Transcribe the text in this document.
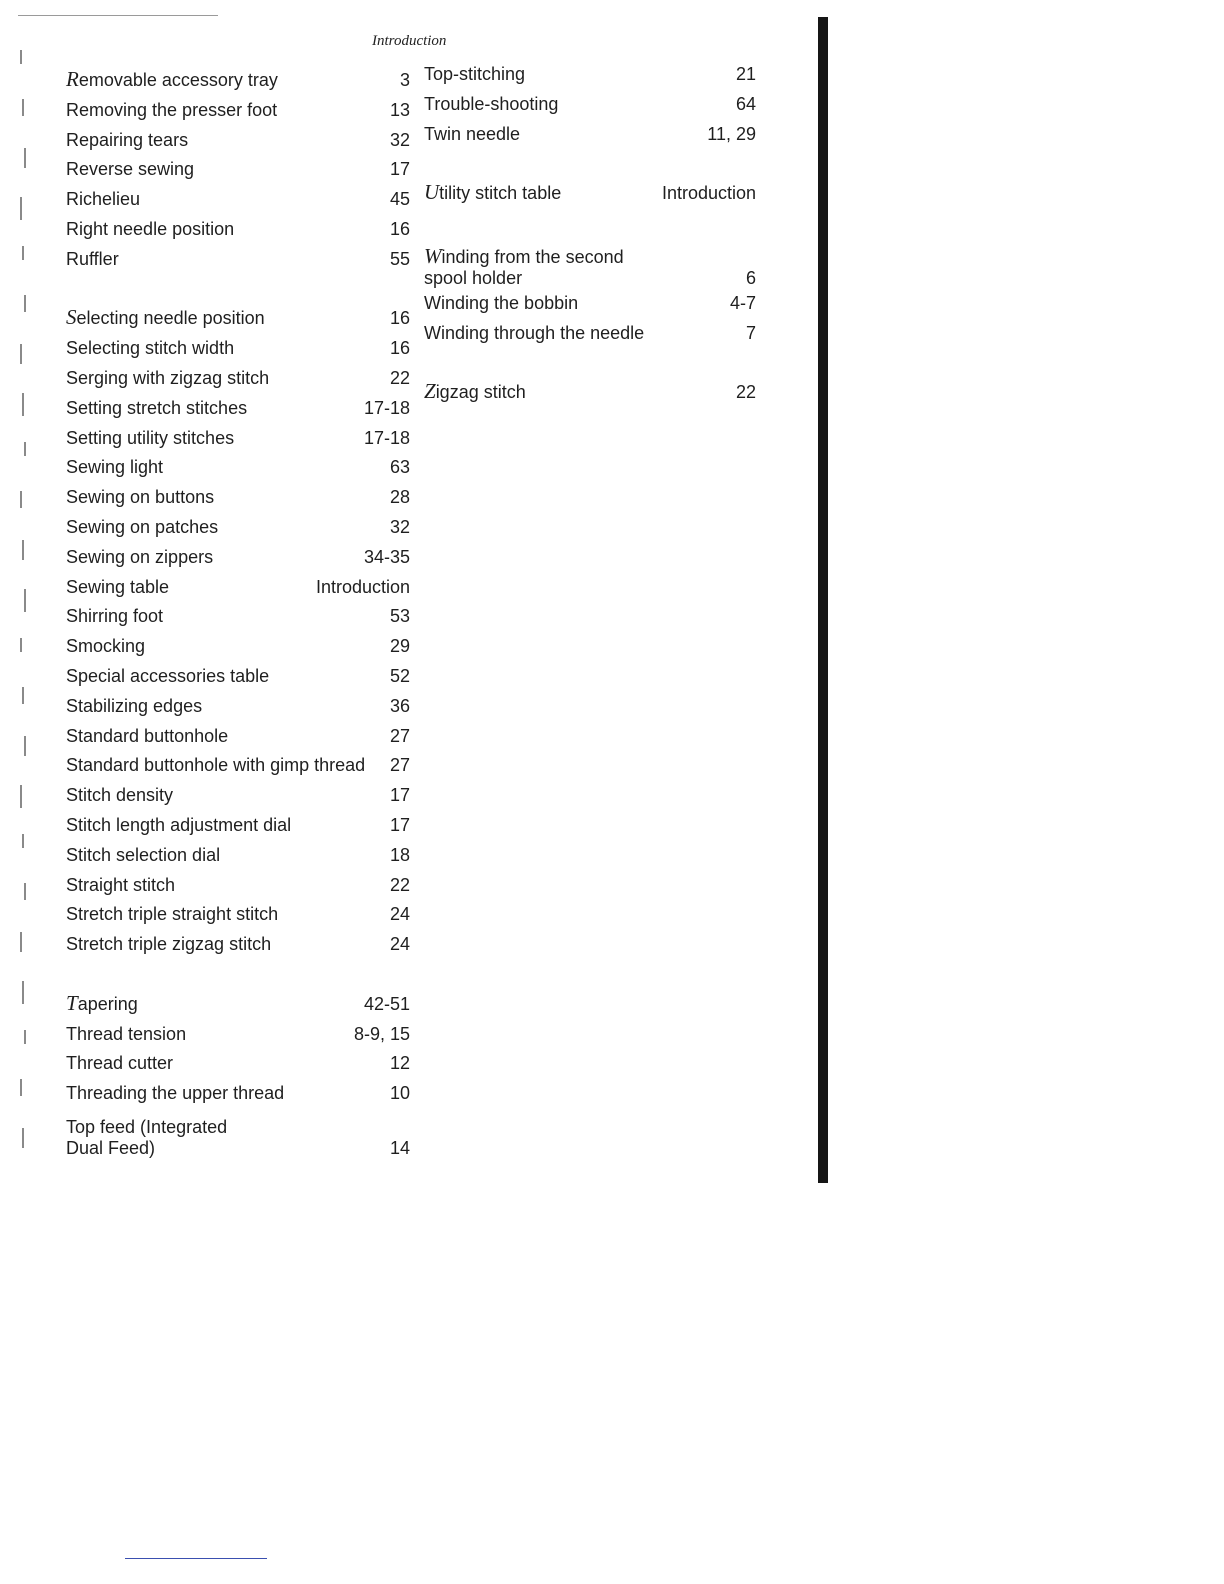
Introduction
Removable accessory tray	3
Removing the presser foot	13
Repairing tears	32
Reverse sewing	17
Richelieu	45
Right needle position	16
Ruffler	55
Selecting needle position	16
Selecting stitch width	16
Serging with zigzag stitch	22
Setting stretch stitches	17-18
Setting utility stitches	17-18
Sewing light	63
Sewing on buttons	28
Sewing on patches	32
Sewing on zippers	34-35
Sewing table	Introduction
Shirring foot	53
Smocking	29
Special accessories table	52
Stabilizing edges	36
Standard buttonhole	27
Standard buttonhole with gimp thread 27
Stitch density	17
Stitch length adjustment dial	17
Stitch selection dial	18
Straight stitch	22
Stretch triple straight stitch	24
Stretch triple zigzag stitch	24
Tapering	42-51
Thread tension	8-9, 15
Thread cutter	12
Threading the upper thread	10
Top feed (Integrated
Dual Feed)	14
Top-stitching	21
Trouble-shooting	64
Twin needle	11, 29
Utility stitch table	Introduction
Winding from the second
spool holder	6
Winding the bobbin	4-7
Winding through the needle	7
Zigzag stitch	22
